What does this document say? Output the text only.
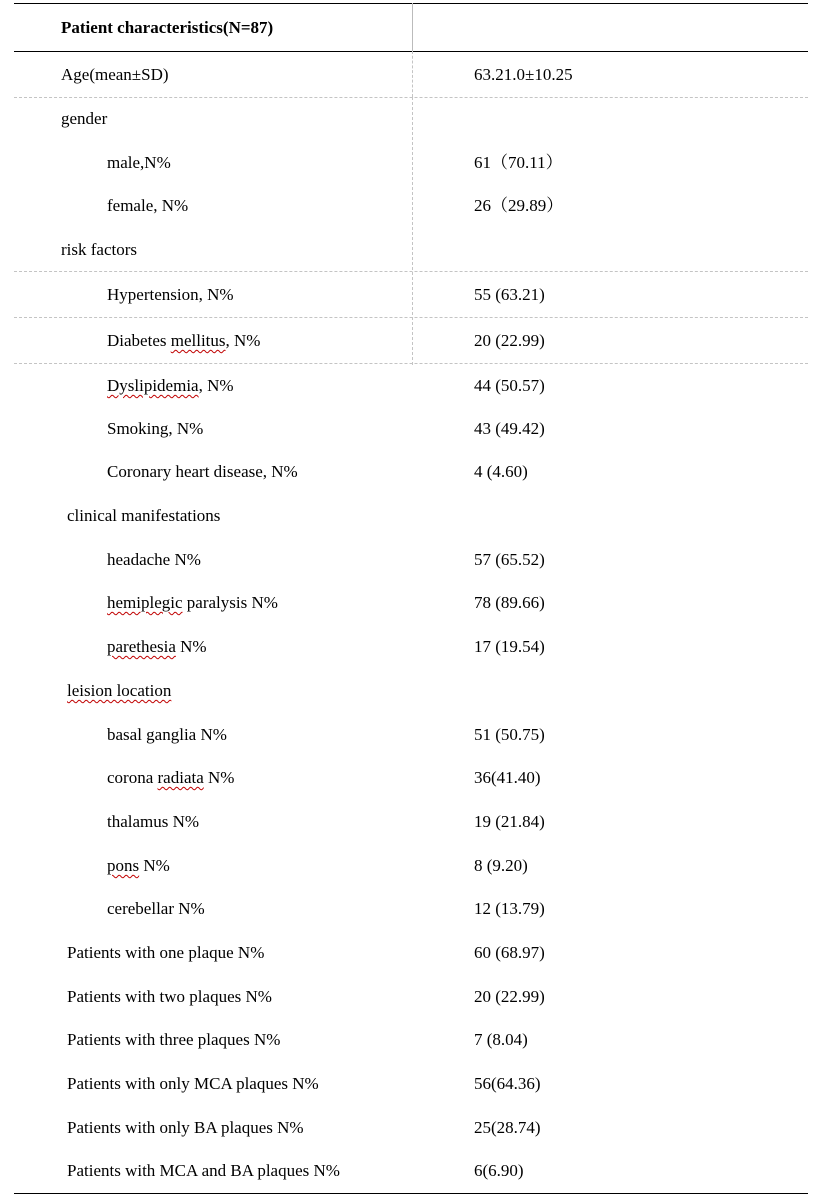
Patient characteristics(N=87)
Age(mean±SD)	63.21.0±10.25
gender
male,N%	61（70.11）
female, N%	26（29.89）
risk factors
Hypertension, N%	55 (63.21)
Diabetes mellitus, N%	20 (22.99)
Dyslipidemia, N%	44 (50.57)
Smoking, N%	43 (49.42)
Coronary heart disease, N%	4 (4.60)
clinical manifestations
headache N%	57 (65.52)
hemiplegic paralysis N%	78 (89.66)
parethesia N%	17 (19.54)
leision location
basal ganglia N%	51 (50.75)
corona radiata N%	36(41.40)
thalamus N%	19 (21.84)
pons N%	8 (9.20)
cerebellar N%	12 (13.79)
Patients with one plaque N%	60 (68.97)
Patients with two plaques N%	20 (22.99)
Patients with three plaques N%	7 (8.04)
Patients with only MCA plaques N%	56(64.36)
Patients with only BA plaques N%	25(28.74)
Patients with MCA and BA plaques N%	6(6.90)
